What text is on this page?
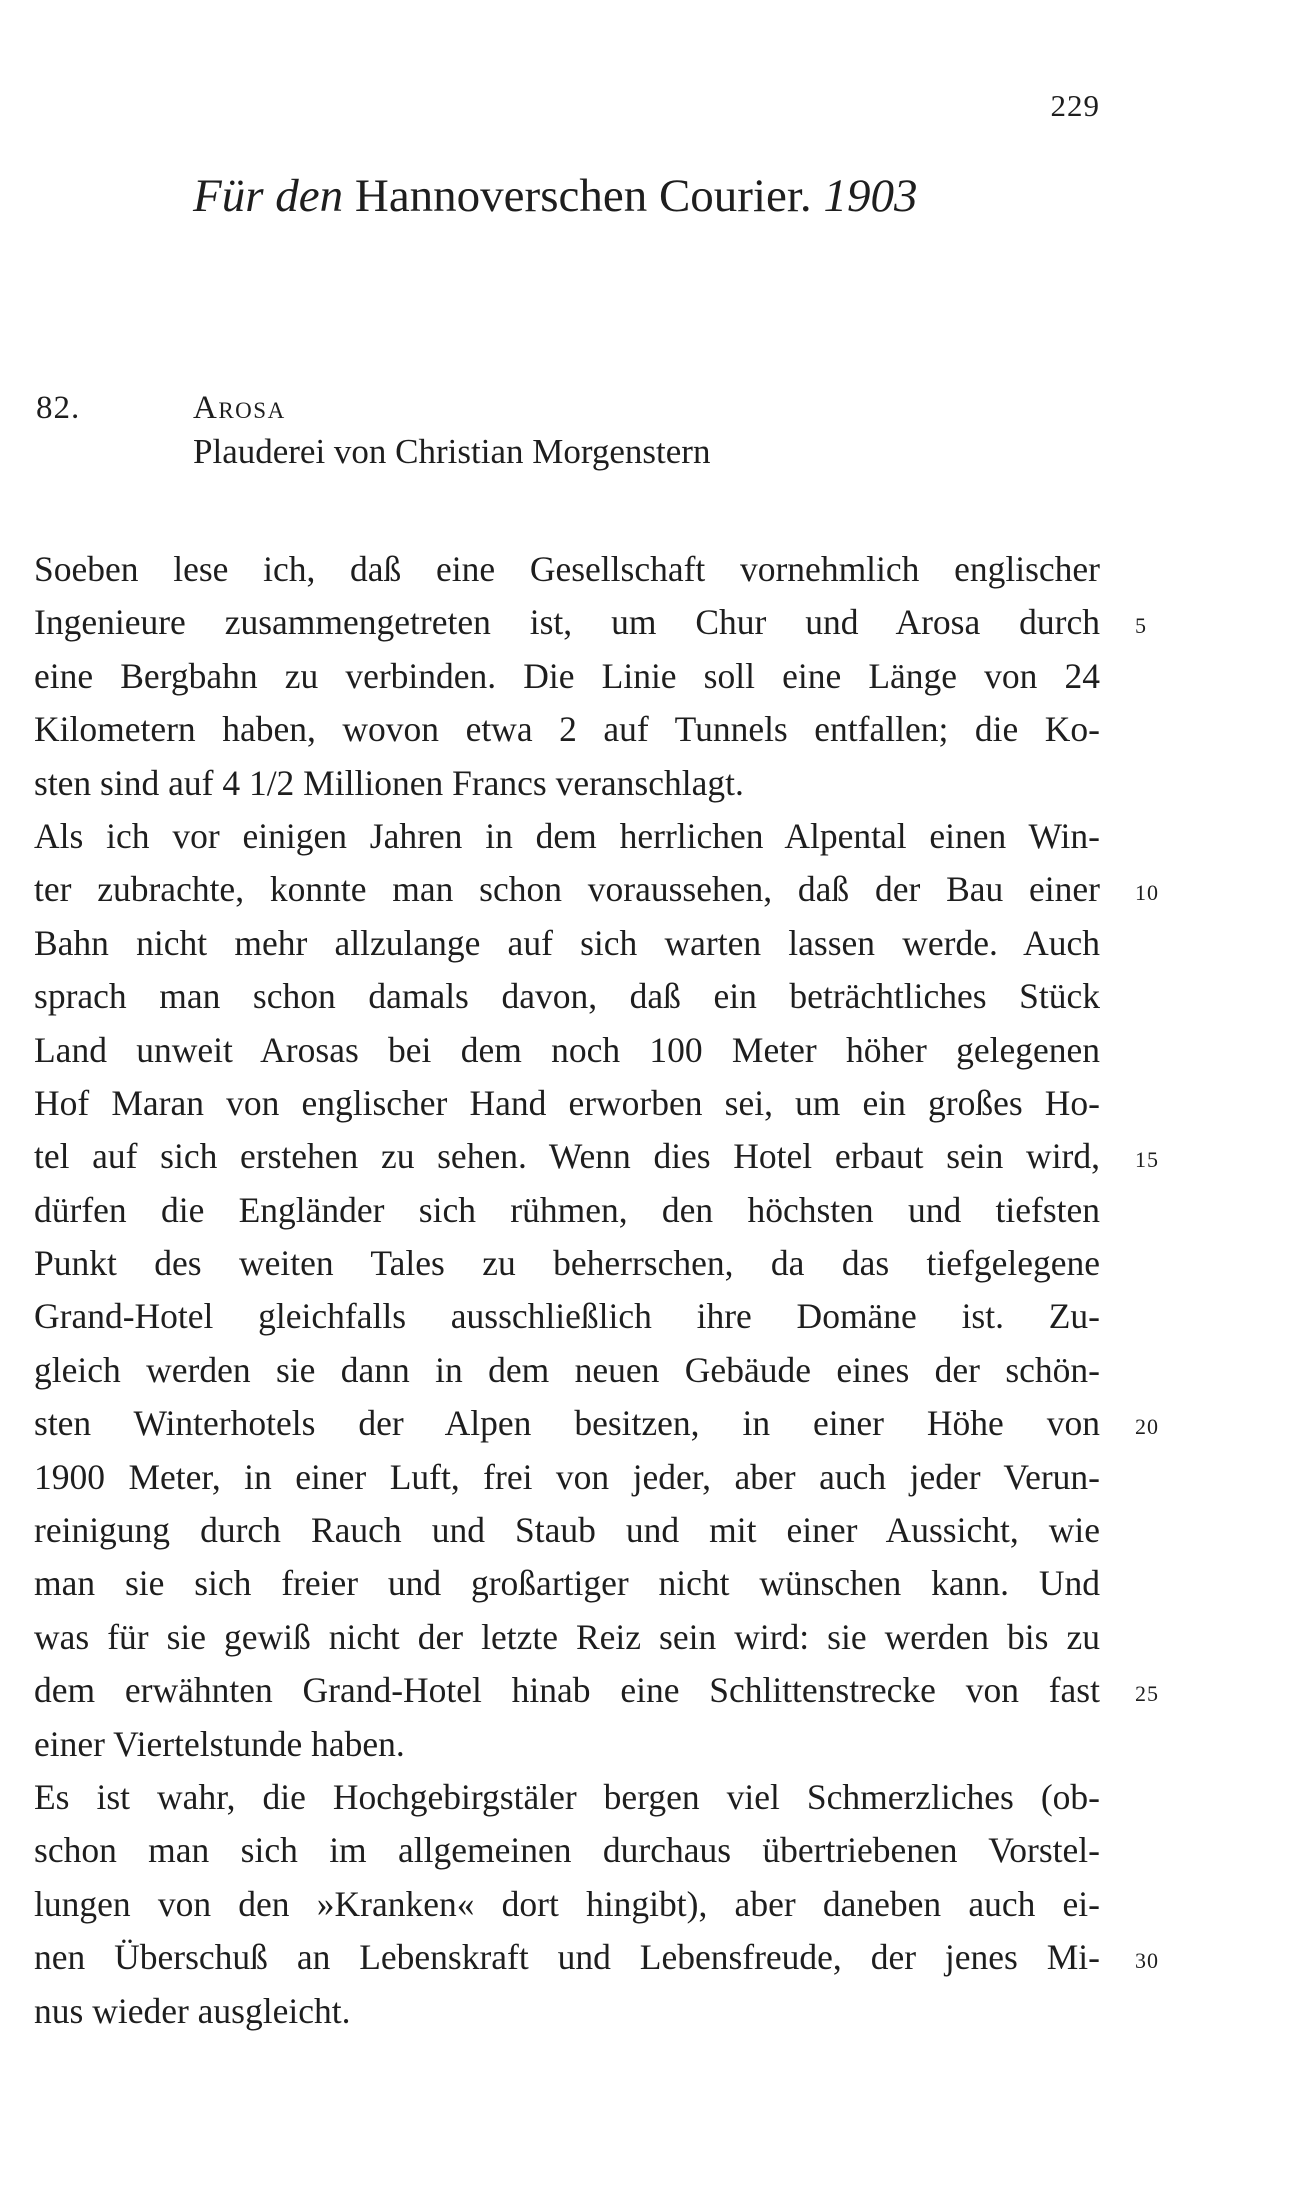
229
Für den Hannoverschen Courier. 1903
82.	Arosa
Plauderei von Christian Morgenstern
Soeben lese ich, daß eine Gesellschaft vornehmlich englischer
Ingenieure zusammengetreten ist, um Chur und Arosa durch 5
eine Bergbahn zu verbinden. Die Linie soll eine Länge von 24
Kilometern haben, wovon etwa 2 auf Tunnels entfallen; die Ko-
sten sind auf 4 1/2 Millionen Francs veranschlagt.
Als ich vor einigen Jahren in dem herrlichen Alpental einen Win-
ter zubrachte, konnte man schon voraussehen, daß der Bau einer 10
Bahn nicht mehr allzulange auf sich warten lassen werde. Auch
sprach man schon damals davon, daß ein beträchtliches Stück
Land unweit Arosas bei dem noch 100 Meter höher gelegenen
Hof Maran von englischer Hand erworben sei, um ein großes Ho-
tel auf sich erstehen zu sehen. Wenn dies Hotel erbaut sein wird, 15
dürfen die Engländer sich rühmen, den höchsten und tiefsten
Punkt des weiten Tales zu beherrschen, da das tiefgelegene
Grand-Hotel gleichfalls ausschließlich ihre Domäne ist. Zu-
gleich werden sie dann in dem neuen Gebäude eines der schön-
sten Winterhotels der Alpen besitzen, in einer Höhe von 20
1900 Meter, in einer Luft, frei von jeder, aber auch jeder Verun-
reinigung durch Rauch und Staub und mit einer Aussicht, wie
man sie sich freier und großartiger nicht wünschen kann. Und
was für sie gewiß nicht der letzte Reiz sein wird: sie werden bis zu
dem erwähnten Grand-Hotel hinab eine Schlittenstrecke von fast 25
einer Viertelstunde haben.
Es ist wahr, die Hochgebirgstäler bergen viel Schmerzliches (ob-
schon man sich im allgemeinen durchaus übertriebenen Vorstel-
lungen von den »Kranken« dort hingibt), aber daneben auch ei-
nen Überschuß an Lebenskraft und Lebensfreude, der jenes Mi- 30
nus wieder ausgleicht.
